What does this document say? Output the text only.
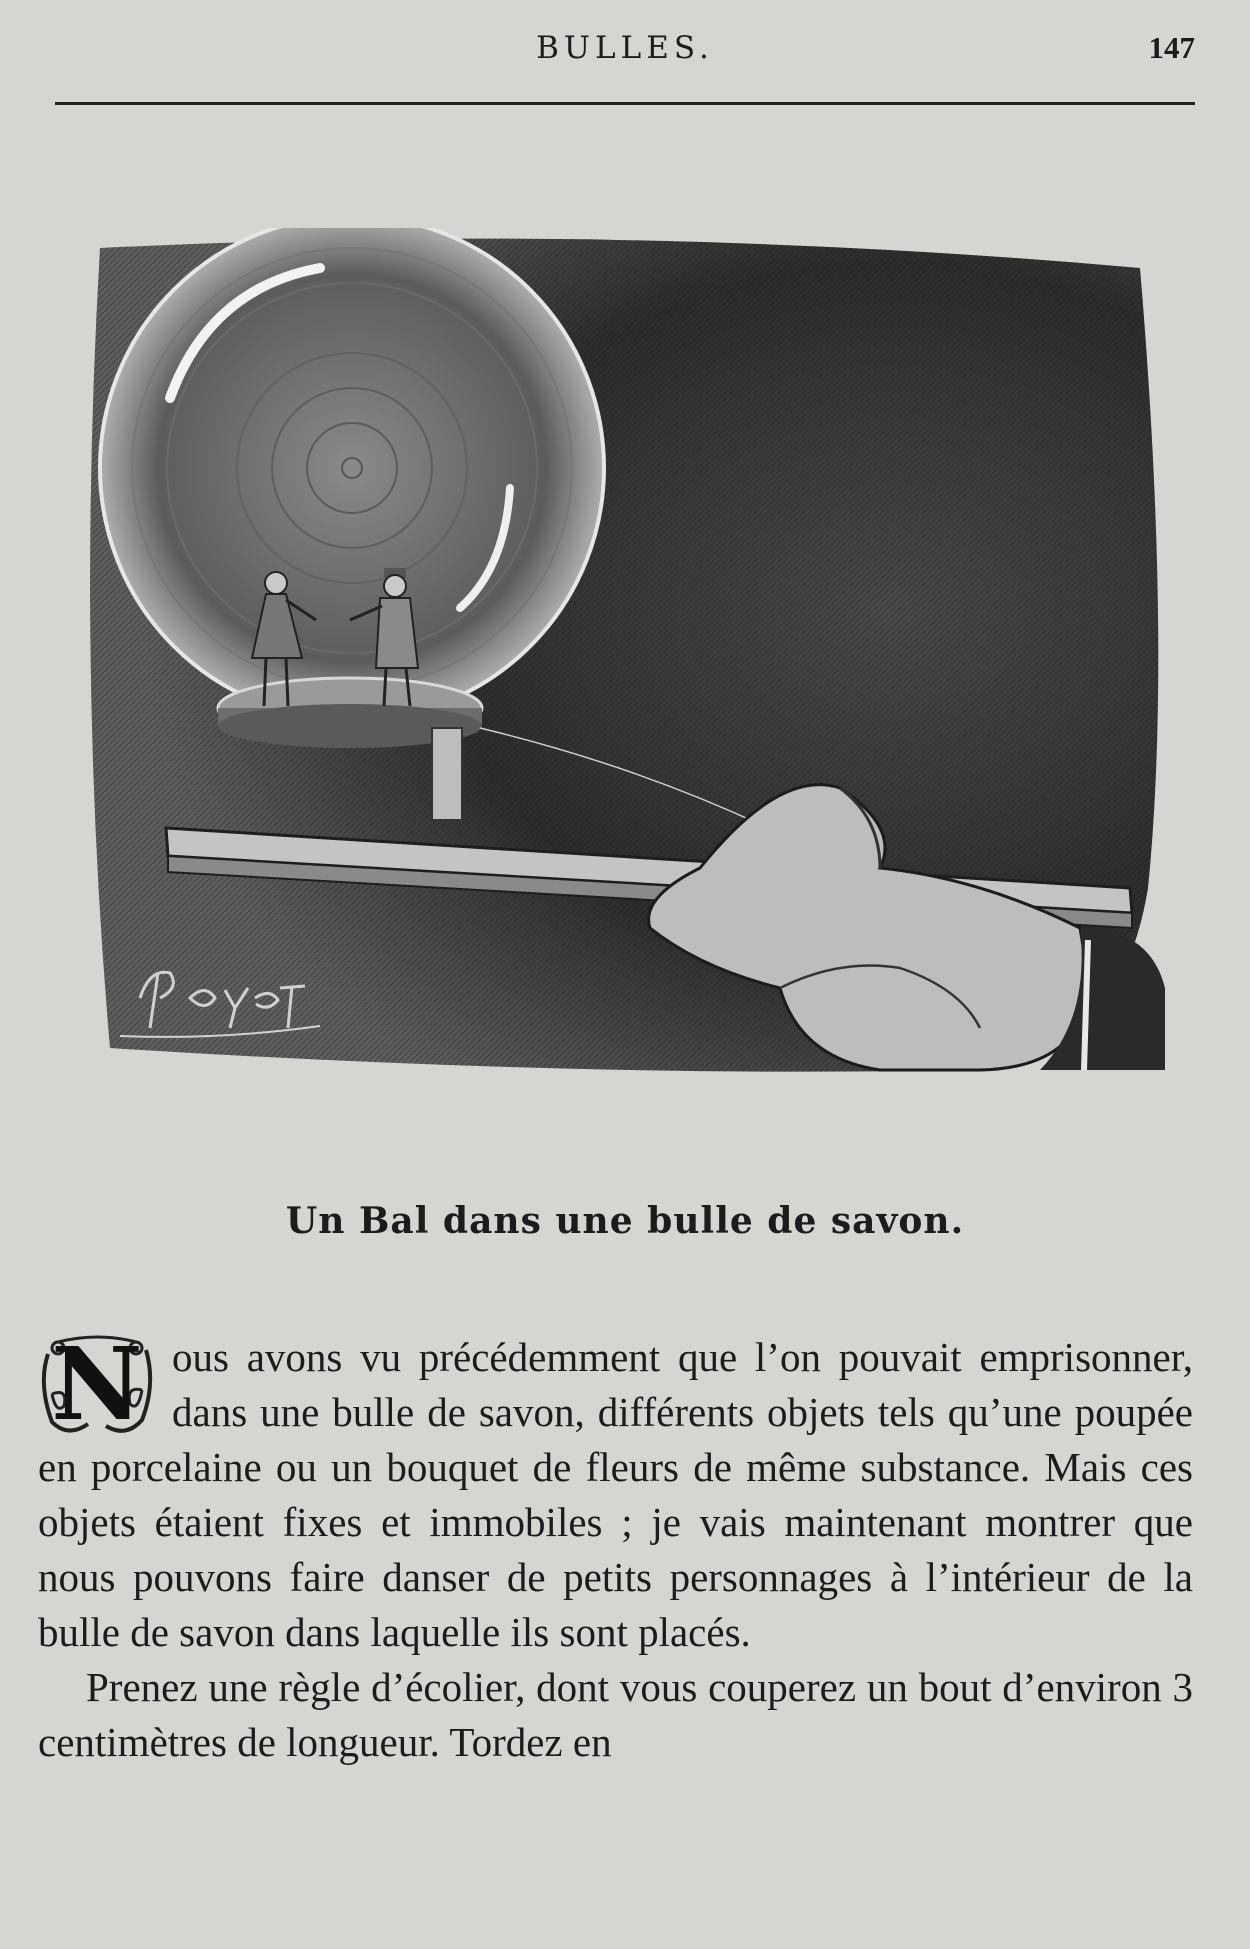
BULLES.	147
Un Bal dans une bulle de savon.

N ous avons vu précédemment que l’on pouvait emprisonner, dans une bulle de savon, différents objets tels qu’une poupée en porcelaine ou un bouquet de fleurs de même substance. Mais ces objets étaient fixes et immobiles ; je vais maintenant montrer que nous pouvons faire danser de petits personnages à l’intérieur de la bulle de savon dans laquelle ils sont placés.

Prenez une règle d’écolier, dont vous couperez un bout d’environ 3 centimètres de longueur. Tordez en
